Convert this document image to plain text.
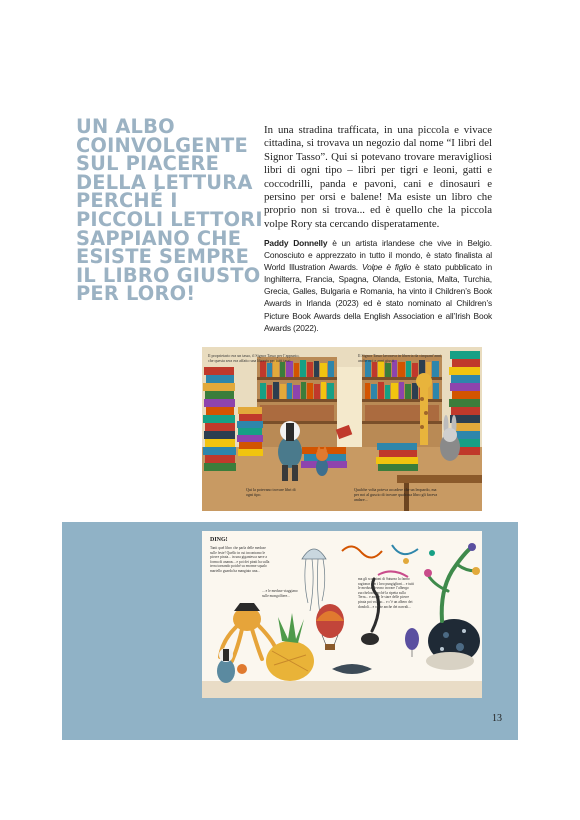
UN ALBO
COINVOLGENTE
SUL PIACERE
DELLA LETTURA
PERCHÉ I
PICCOLI LETTORI
SAPPIANO CHE
ESISTE SEMPRE
IL LIBRO GIUSTO
PER LORO!

In una stradina trafficata, in una piccola e vivace cittadina, si trovava un negozio dal nome “I libri del Signor Tasso”. Qui si potevano trovare meravigliosi libri di ogni tipo – libri per tigri e leoni, gatti e coccodrilli, panda e pavoni, cani e dinosauri e persino per orsi e balene! Ma esiste un libro che proprio non si trova... ed è quello che la piccola volpe Rory sta cercando disperatamente.

Paddy Donnelly è un artista irlandese che vive in Belgio. Conosciuto e apprezzato in tutto il mondo, è stato finalista al World Illustration Awards. Volpe è figlio è stato pubblicato in Inghilterra, Francia, Spagna, Olanda, Estonia, Malta, Turchia, Grecia, Galles, Bulgaria e Romania, ha vinto il Children’s Book Awards in Irlanda (2023) ed è stato nominato al Children’s Picture Book Awards della English Association e all’Irish Book Awards (2022).

Il proprietario era un tasso, il Signor Tasso per l’appunto, che questa sera era affatto una libreria per tutti tassi.
Il Signor Tasso lavorava in libreria da cinquant’anni, anche noi e anni giusti.
Qui la potevano trovare libri di ogni tipo.
Qualche volta poteva accadere che un leopardo, ma per noi al guscio di trovare qualcosa libro gli faceva andare...
DING!
Tanti quel libro che parla delle meduse sulle feste! Quello in cui incontrano le piovre pirata... in una gigantesca nave a forma di ananas... e poi dei pirati ha sulla terra tornando poiché su enorme squalo martello guarda ha mangiato una...
... e le meduse viaggiano sulle mongolfiere...
ma gli scorpioni di Saturno la fanno ragionar con i loro pungiglioni... e tutti le meduse devono trovare l’albergo zuccheloso perché la ripetta sulla Terra... e anche le stare delle piovre pirata poi volano... e c’è un albero dei dondoli... e come anche dei narvali...
13
